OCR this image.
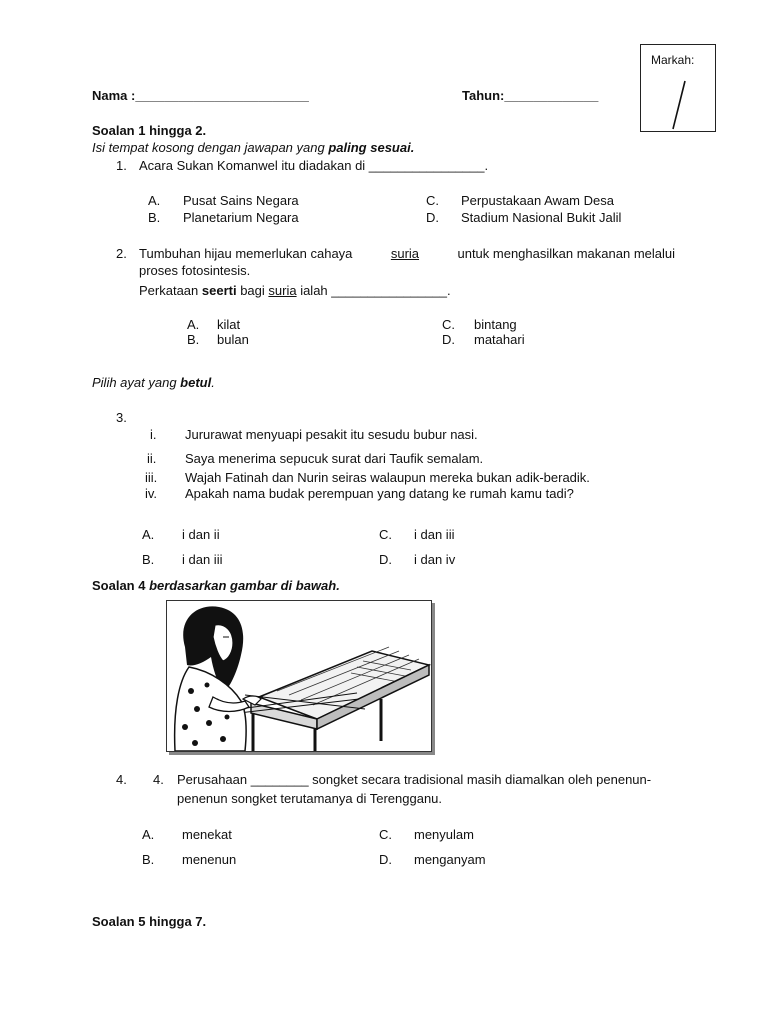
Markah:
Nama :________________________	Tahun:_____________
Soalan 1 hingga 2.
Isi tempat kosong dengan jawapan yang paling sesuai.
1. Acara Sukan Komanwel itu diadakan di ________________.
A. Pusat Sains Negara
B. Planetarium Negara
C. Perpustakaan Awam Desa
D. Stadium Nasional Bukit Jalil
2. Tumbuhan hijau memerlukan cahaya	suria	untuk menghasilkan makanan melalui
proses fotosintesis.
Perkataan seerti bagi suria ialah ________________.
A. kilat
B. bulan
C. bintang
D. matahari
Pilih ayat yang betul.
3.
i. Jururawat menyuapi pesakit itu sesudu bubur nasi.
ii. Saya menerima sepucuk surat dari Taufik semalam.
iii. Wajah Fatinah dan Nurin seiras walaupun mereka bukan adik-beradik.
iv. Apakah nama budak perempuan yang datang ke rumah kamu tadi?
A. i dan ii
B. i dan iii
C. i dan iii
D. i dan iv
Soalan 4 berdasarkan gambar di bawah.
4. 4. Perusahaan ________ songket secara tradisional masih diamalkan oleh penenun-
penenun songket terutamanya di Terengganu.
A. menekat
B. menenun
C. menyulam
D. menganyam
Soalan 5 hingga 7.
